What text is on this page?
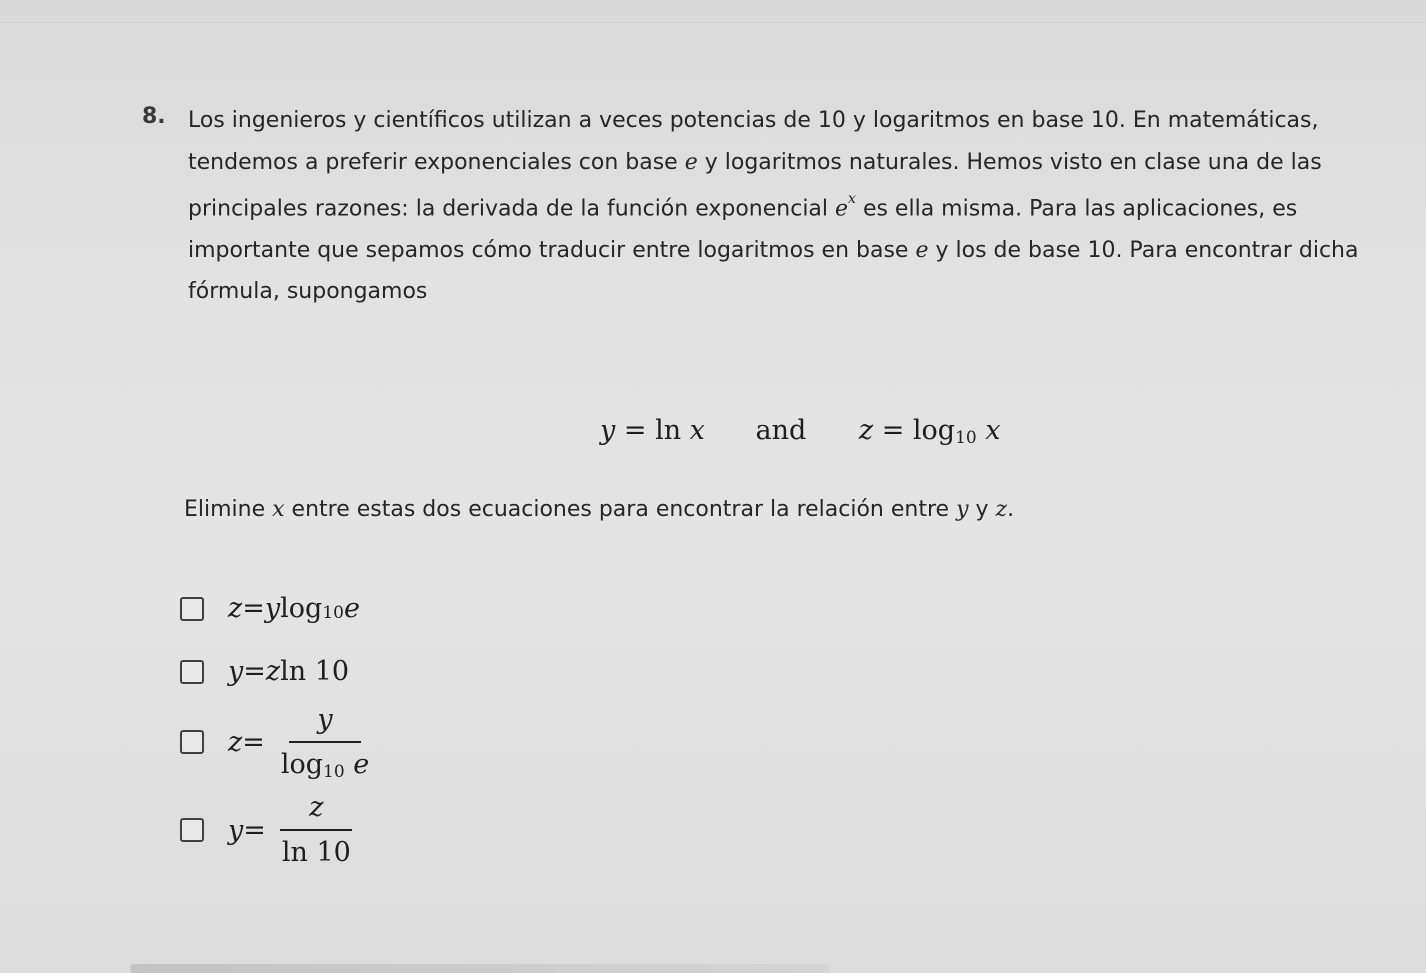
8. Los ingenieros y científicos utilizan a veces potencias de 10 y logaritmos en base 10. En matemáticas,
tendemos a preferir exponenciales con base e y logaritmos naturales. Hemos visto en clase una de las
principales razones: la derivada de la función exponencial $e^x$ es ella misma. Para las aplicaciones, es
importante que sepamos cómo traducir entre logaritmos en base e y los de base 10. Para encontrar dicha
fórmula, supongamos
y = ln x and $z = \log_{10} x$
Elimine x entre estas dos ecuaciones para encontrar la relación entre y y z.
z = y $\log_{10} e$
y = z ln 10
$z = \frac{y}{\log_{10} e}$
$y = \frac{z}{\ln 10}$
